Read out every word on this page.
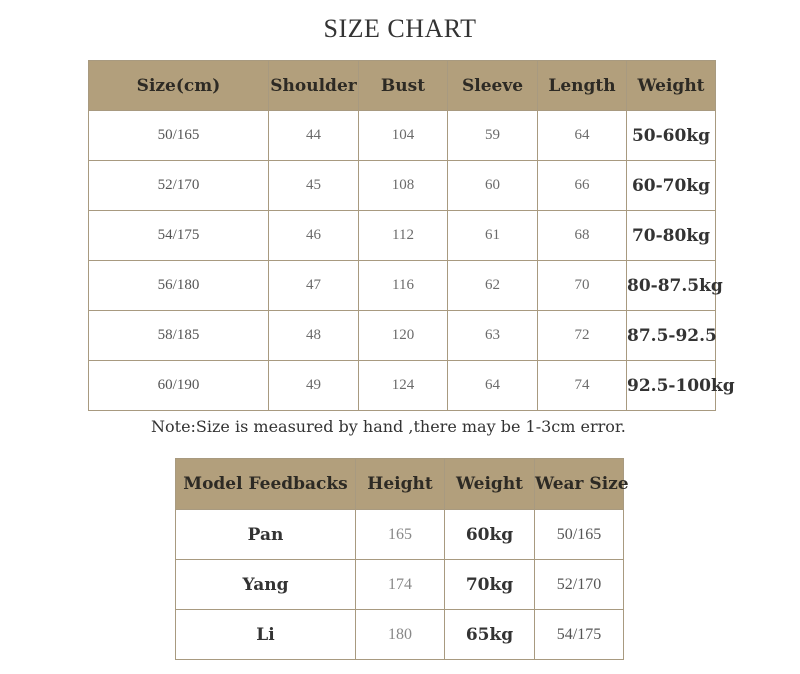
SIZE CHART
Size(cm)	Shoulder	Bust	Sleeve	Length	Weight
50/165	44	104	59	64	50-60kg
52/170	45	108	60	66	60-70kg
54/175	46	112	61	68	70-80kg
56/180	47	116	62	70	80-87.5kg
58/185	48	120	63	72	87.5-92.5
60/190	49	124	64	74	92.5-100kg
Note:Size is measured by hand ,there may be 1-3cm error.
Model Feedbacks	Height	Weight	Wear Size
Pan	165	60kg	50/165
Yang	174	70kg	52/170
Li	180	65kg	54/175
